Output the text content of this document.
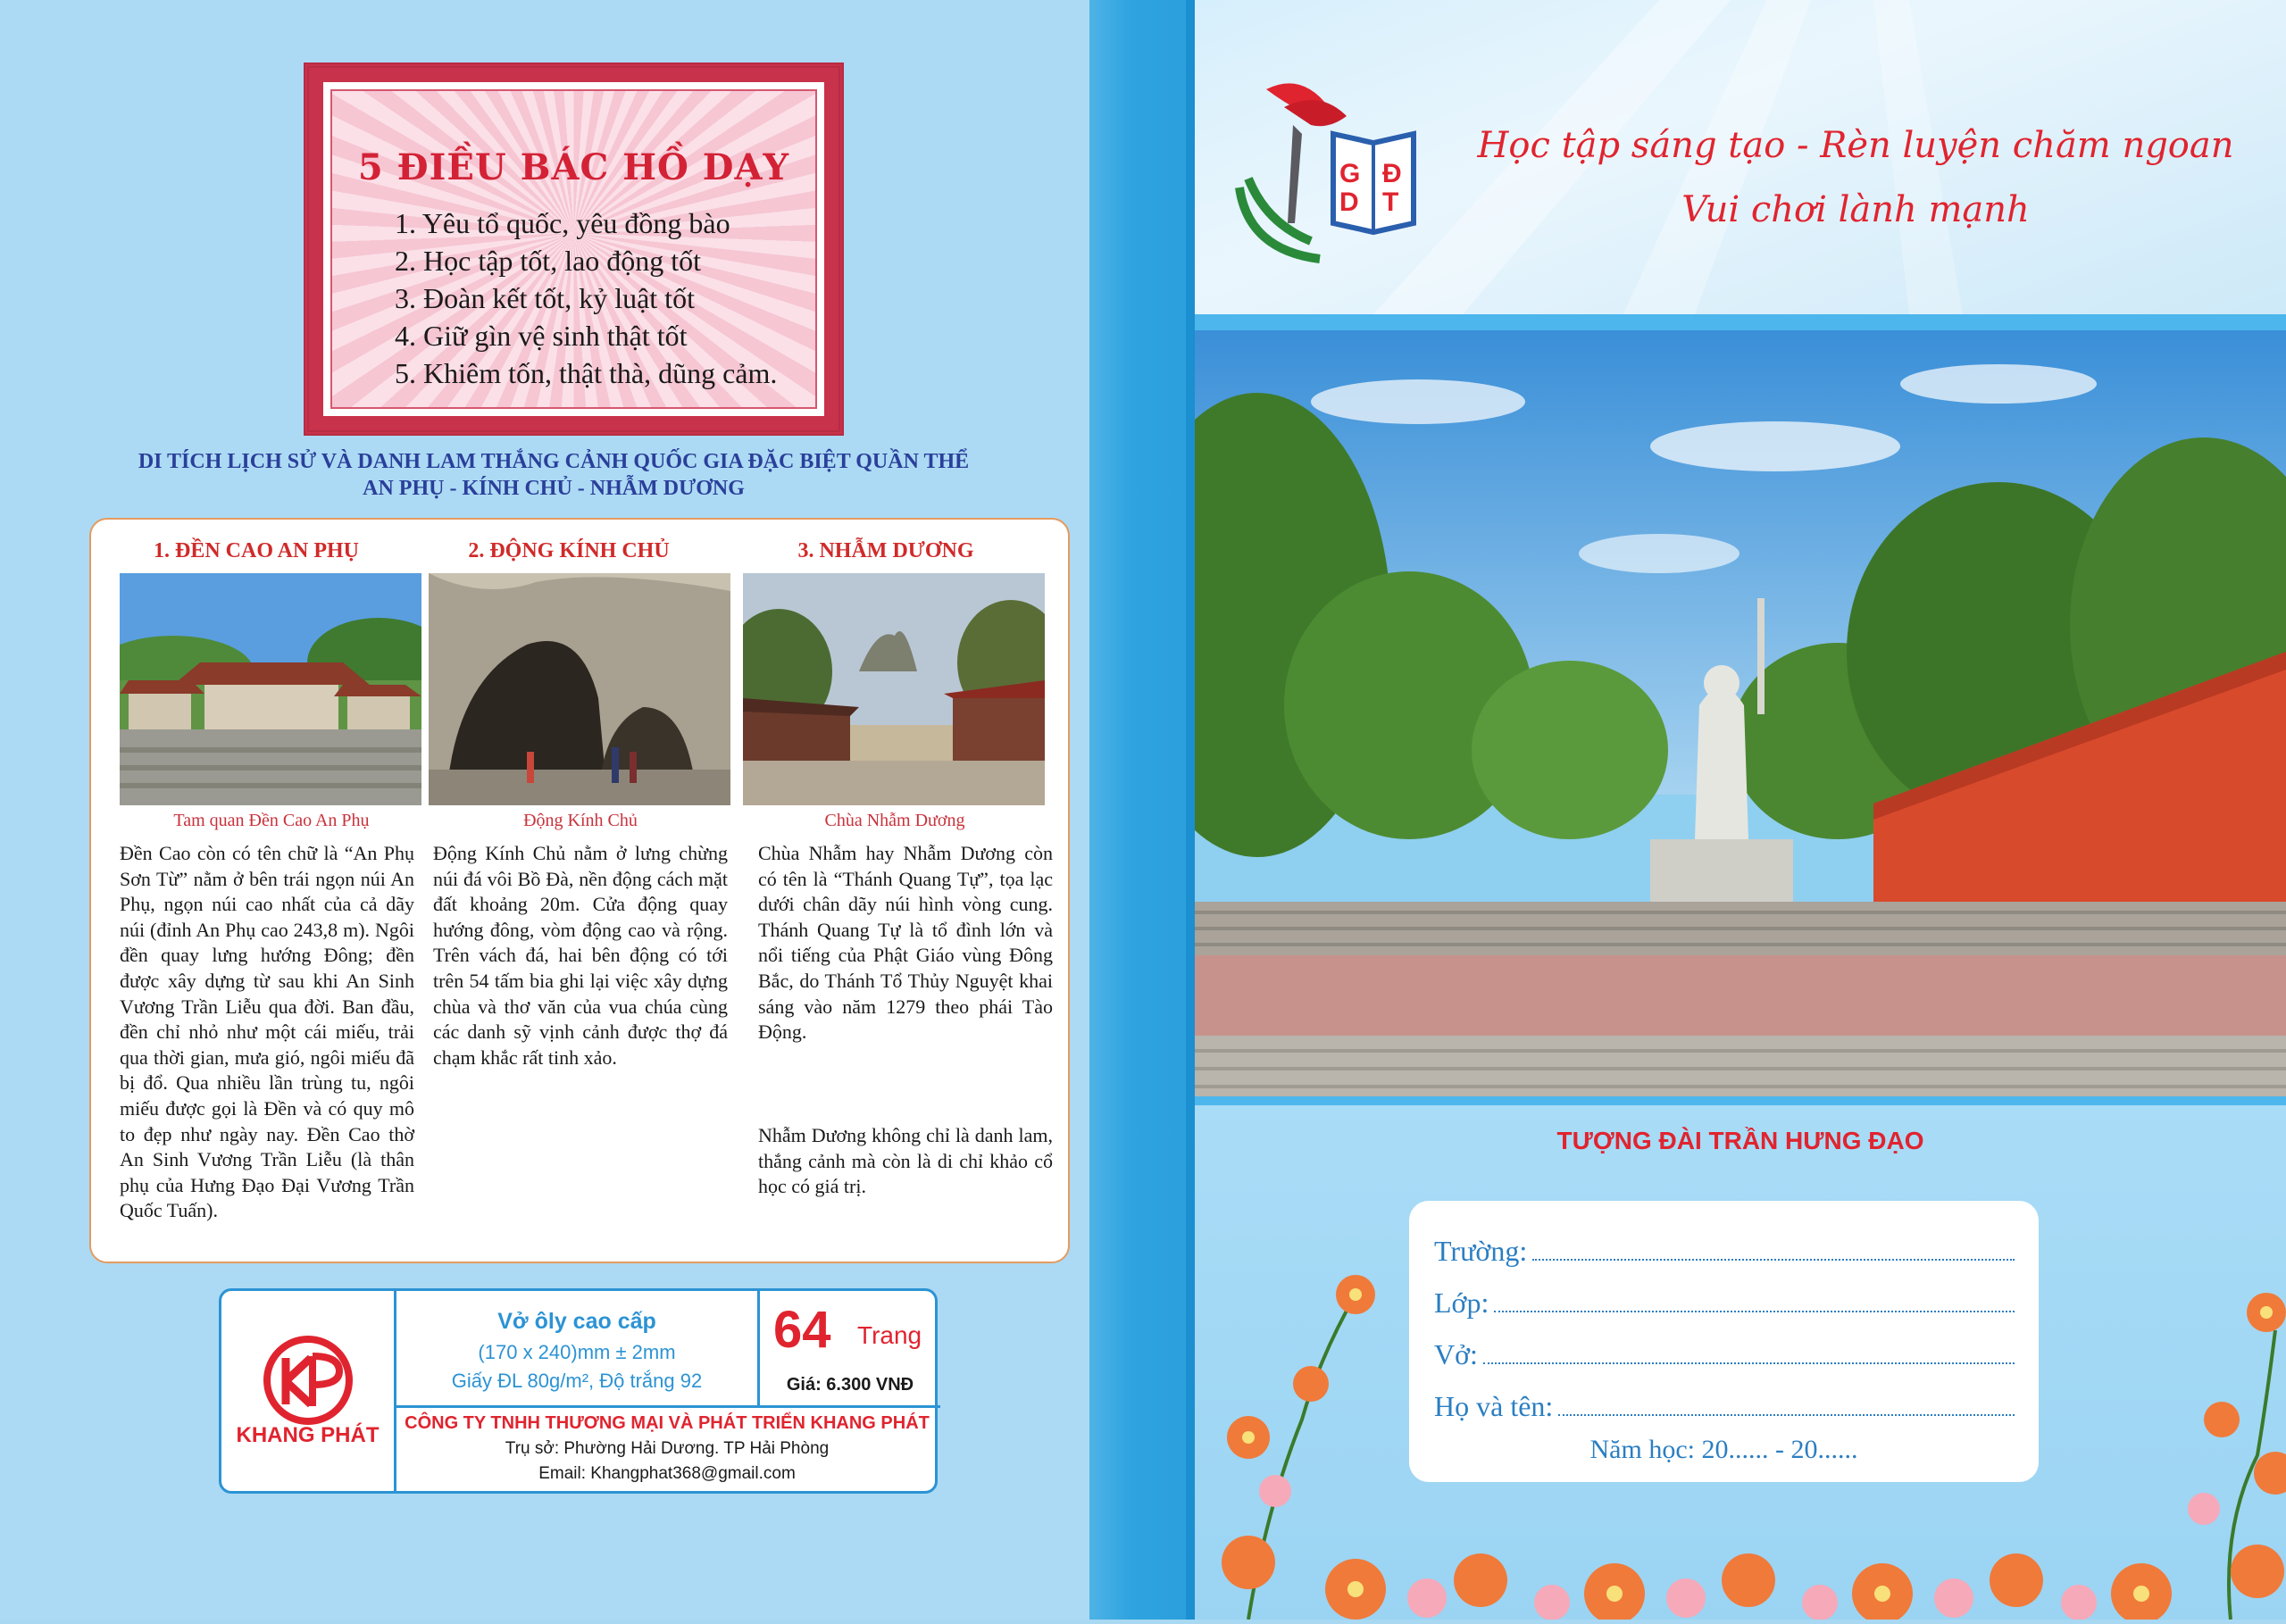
5 ĐIỀU BÁC HỒ DẠY
1. Yêu tổ quốc, yêu đồng bào
2. Học tập tốt, lao động tốt
3. Đoàn kết tốt, kỷ luật tốt
4. Giữ gìn vệ sinh thật tốt
5. Khiêm tốn, thật thà, dũng cảm.
DI TÍCH LỊCH SỬ VÀ DANH LAM THẮNG CẢNH QUỐC GIA ĐẶC BIỆT QUẦN THỂ
AN PHỤ - KÍNH CHỦ - NHẪM DƯƠNG
1. ĐỀN CAO AN PHỤ
Tam quan Đền Cao An Phụ
Đền Cao còn có tên chữ là “An Phụ Sơn Từ” nằm ở bên trái ngọn núi An Phụ, ngọn núi cao nhất của cả dãy núi (đỉnh An Phụ cao 243,8 m). Ngôi đền quay lưng hướng Đông; đền được xây dựng từ sau khi An Sinh Vương Trần Liễu qua đời. Ban đầu, đền chỉ nhỏ như một cái miếu, trải qua thời gian, mưa gió, ngôi miếu đã bị đổ. Qua nhiều lần trùng tu, ngôi miếu được gọi là Đền và có quy mô to đẹp như ngày nay. Đền Cao thờ An Sinh Vương Trần Liễu (là thân phụ của Hưng Đạo Đại Vương Trần Quốc Tuấn).
2. ĐỘNG KÍNH CHỦ
Động Kính Chủ
Động Kính Chủ nằm ở lưng chừng núi đá vôi Bồ Đà, nền động cách mặt đất khoảng 20m. Cửa động quay hướng đông, vòm động cao và rộng. Trên vách đá, hai bên động có tới trên 54 tấm bia ghi lại việc xây dựng chùa và thơ văn của vua chúa cùng các danh sỹ vịnh cảnh được thợ đá chạm khắc rất tinh xảo.
3. NHẪM DƯƠNG
Chùa Nhẫm Dương
Chùa Nhẫm hay Nhẫm Dương còn có tên là “Thánh Quang Tự”, tọa lạc dưới chân dãy núi hình vòng cung. Thánh Quang Tự là tổ đình lớn và nổi tiếng của Phật Giáo vùng Đông Bắc, do Thánh Tổ Thủy Nguyệt khai sáng vào năm 1279 theo phái Tào Động.
Nhẫm Dương không chỉ là danh lam, thắng cảnh mà còn là di chỉ khảo cổ học có giá trị.
KHANG PHÁT
Vở ôly cao cấp
(170 x 240)mm ± 2mm
Giấy ĐL 80g/m², Độ trắng 92
64 Trang
Giá: 6.300 VNĐ
CÔNG TY TNHH THƯƠNG MẠI VÀ PHÁT TRIỂN KHANG PHÁT
Trụ sở: Phường Hải Dương. TP Hải Phòng
Email: Khangphat368@gmail.com
G Đ
D T
Học tập sáng tạo - Rèn luyện chăm ngoan
Vui chơi lành mạnh
TƯỢNG ĐÀI TRẦN HƯNG ĐẠO
Trường:
Lớp:
Vở:
Họ và tên:
Năm học: 20...... - 20......
